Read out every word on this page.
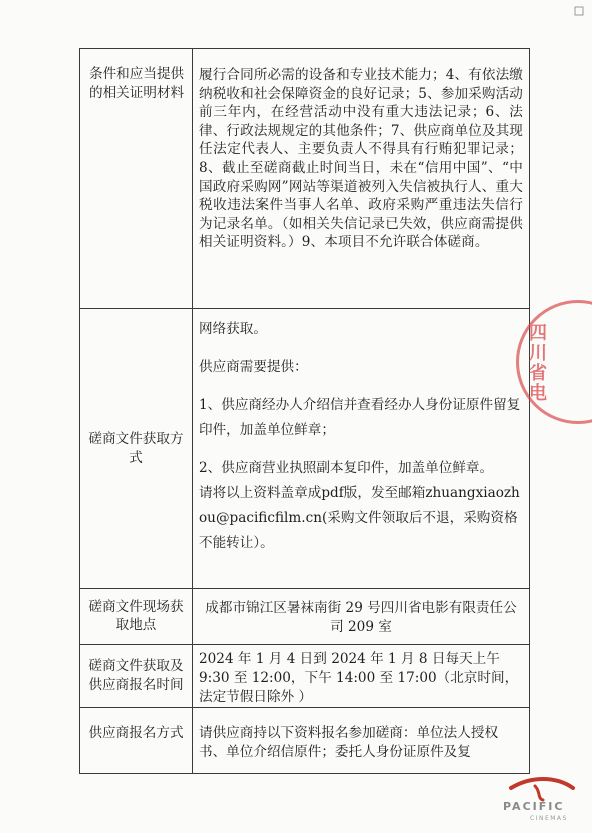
条件和应当提供的相关证明材料	履行合同所必需的设备和专业技术能力；4、有依法缴纳税收和社会保障资金的良好记录；5、参加采购活动前三年内，在经营活动中没有重大违法记录；6、法律、行政法规规定的其他条件；7、供应商单位及其现任法定代表人、主要负责人不得具有行贿犯罪记录；8、截止至磋商截止时间当日，未在“信用中国”、“中国政府采购网”网站等渠道被列入失信被执行人、重大税收违法案件当事人名单、政府采购严重违法失信行为记录名单。（如相关失信记录已失效，供应商需提供相关证明资料。）9、本项目不允许联合体磋商。

磋商文件获取方式	网络获取。

供应商需要提供：

1、供应商经办人介绍信并查看经办人身份证原件留复印件，加盖单位鲜章；

2、供应商营业执照副本复印件，加盖单位鲜章。

请将以上资料盖章成pdf版，发至邮箱zhuangxiaozhou@pacificfilm.cn(采购文件领取后不退，采购资格不能转让）。

磋商文件现场获取地点	成都市锦江区暑袜南街 29 号四川省电影有限责任公司 209 室
磋商文件获取及供应商报名时间	2024 年 1 月 4 日到 2024 年 1 月 8 日每天上午 9:30 至 12:00，下午 14:00 至 17:00（北京时间，法定节假日除外 ）
供应商报名方式	请供应商持以下资料报名参加磋商：单位法人授权书、单位介绍信原件；委托人身份证原件及复
四川省电
PACIFIC
CINEMAS
